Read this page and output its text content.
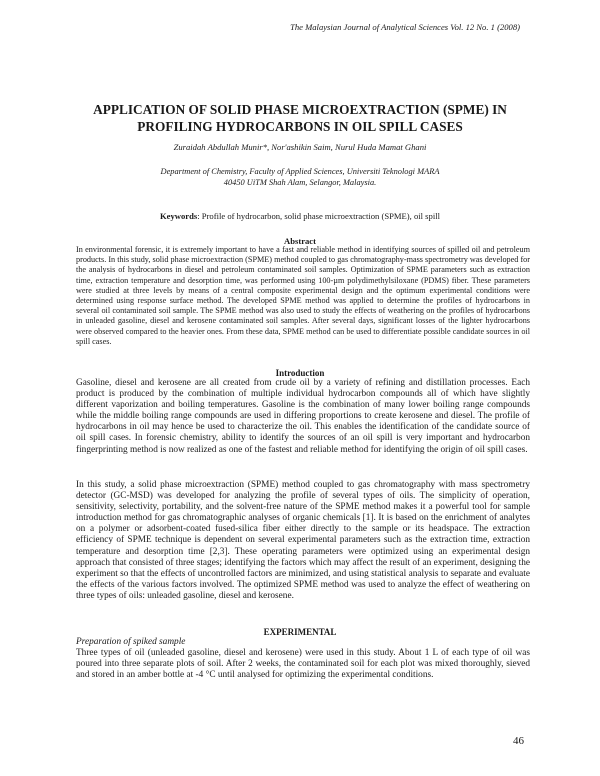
The Malaysian Journal of Analytical Sciences Vol. 12 No. 1 (2008)
APPLICATION OF SOLID PHASE MICROEXTRACTION (SPME) IN PROFILING HYDROCARBONS IN OIL SPILL CASES
Zuraidah Abdullah Munir*, Nor'ashikin Saim, Nurul Huda Mamat Ghani
Department of Chemistry, Faculty of Applied Sciences, Universiti Teknologi MARA
40450 UiTM Shah Alam, Selangor, Malaysia.
Keywords: Profile of hydrocarbon, solid phase microextraction (SPME), oil spill
Abstract
In environmental forensic, it is extremely important to have a fast and reliable method in identifying sources of spilled oil and petroleum products. In this study, solid phase microextraction (SPME) method coupled to gas chromatography-mass spectrometry was developed for the analysis of hydrocarbons in diesel and petroleum contaminated soil samples. Optimization of SPME parameters such as extraction time, extraction temperature and desorption time, was performed using 100-µm polydimethylsiloxane (PDMS) fiber. These parameters were studied at three levels by means of a central composite experimental design and the optimum experimental conditions were determined using response surface method. The developed SPME method was applied to determine the profiles of hydrocarbons in several oil contaminated soil sample. The SPME method was also used to study the effects of weathering on the profiles of hydrocarbons in unleaded gasoline, diesel and kerosene contaminated soil samples. After several days, significant losses of the lighter hydrocarbons were observed compared to the heavier ones. From these data, SPME method can be used to differentiate possible candidate sources in oil spill cases.
Introduction
Gasoline, diesel and kerosene are all created from crude oil by a variety of refining and distillation processes. Each product is produced by the combination of multiple individual hydrocarbon compounds all of which have slightly different vaporization and boiling temperatures. Gasoline is the combination of many lower boiling range compounds while the middle boiling range compounds are used in differing proportions to create kerosene and diesel. The profile of hydrocarbons in oil may hence be used to characterize the oil. This enables the identification of the candidate source of oil spill cases. In forensic chemistry, ability to identify the sources of an oil spill is very important and hydrocarbon fingerprinting method is now realized as one of the fastest and reliable method for identifying the origin of oil spill cases.
In this study, a solid phase microextraction (SPME) method coupled to gas chromatography with mass spectrometry detector (GC-MSD) was developed for analyzing the profile of several types of oils. The simplicity of operation, sensitivity, selectivity, portability, and the solvent-free nature of the SPME method makes it a powerful tool for sample introduction method for gas chromatographic analyses of organic chemicals [1]. It is based on the enrichment of analytes on a polymer or adsorbent-coated fused-silica fiber either directly to the sample or its headspace. The extraction efficiency of SPME technique is dependent on several experimental parameters such as the extraction time, extraction temperature and desorption time [2,3]. These operating parameters were optimized using an experimental design approach that consisted of three stages; identifying the factors which may affect the result of an experiment, designing the experiment so that the effects of uncontrolled factors are minimized, and using statistical analysis to separate and evaluate the effects of the various factors involved. The optimized SPME method was used to analyze the effect of weathering on three types of oils: unleaded gasoline, diesel and kerosene.
EXPERIMENTAL
Preparation of spiked sample
Three types of oil (unleaded gasoline, diesel and kerosene) were used in this study. About 1 L of each type of oil was poured into three separate plots of soil. After 2 weeks, the contaminated soil for each plot was mixed thoroughly, sieved and stored in an amber bottle at -4 °C until analysed for optimizing the experimental conditions.
46
